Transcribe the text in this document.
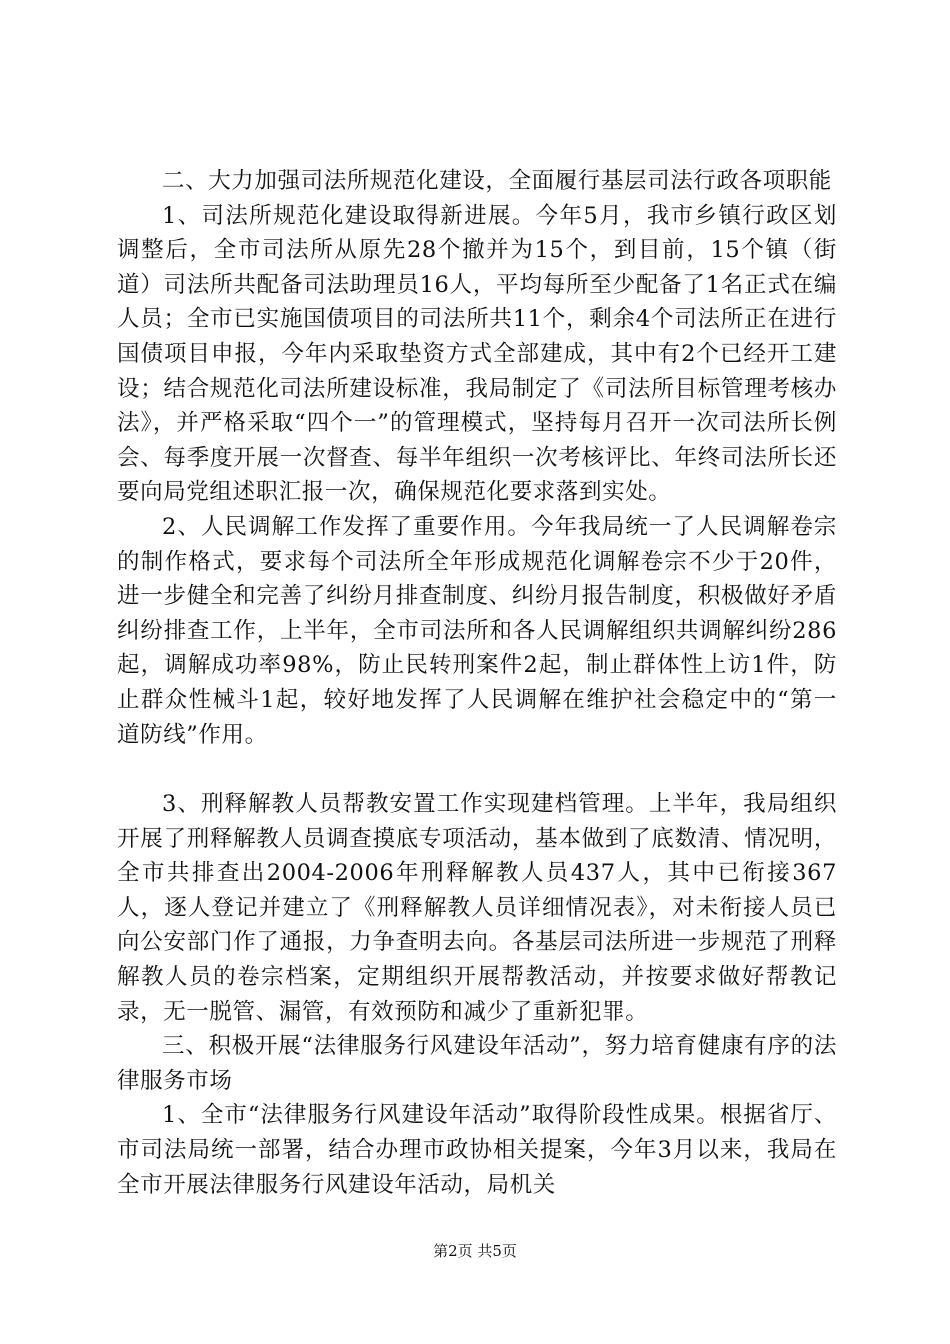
二、大力加强司法所规范化建设，全面履行基层司法行政各项职能

1、司法所规范化建设取得新进展。今年5月，我市乡镇行政区划调整后，全市司法所从原先28个撤并为15个，到目前，15个镇（街道）司法所共配备司法助理员16人，平均每所至少配备了1名正式在编人员；全市已实施国债项目的司法所共11个，剩余4个司法所正在进行国债项目申报，今年内采取垫资方式全部建成，其中有2个已经开工建设；结合规范化司法所建设标准，我局制定了《司法所目标管理考核办法》，并严格采取“四个一”的管理模式，坚持每月召开一次司法所长例会、每季度开展一次督查、每半年组织一次考核评比、年终司法所长还要向局党组述职汇报一次，确保规范化要求落到实处。

2、人民调解工作发挥了重要作用。今年我局统一了人民调解卷宗的制作格式，要求每个司法所全年形成规范化调解卷宗不少于20件，进一步健全和完善了纠纷月排查制度、纠纷月报告制度，积极做好矛盾纠纷排查工作，上半年，全市司法所和各人民调解组织共调解纠纷286起，调解成功率98%，防止民转刑案件2起，制止群体性上访1件，防止群众性械斗1起，较好地发挥了人民调解在维护社会稳定中的“第一道防线”作用。

3、刑释解教人员帮教安置工作实现建档管理。上半年，我局组织开展了刑释解教人员调查摸底专项活动，基本做到了底数清、情况明，全市共排查出2004-2006年刑释解教人员437人，其中已衔接367人，逐人登记并建立了《刑释解教人员详细情况表》，对未衔接人员已向公安部门作了通报，力争查明去向。各基层司法所进一步规范了刑释解教人员的卷宗档案，定期组织开展帮教活动，并按要求做好帮教记录，无一脱管、漏管，有效预防和减少了重新犯罪。

三、积极开展“法律服务行风建设年活动”，努力培育健康有序的法律服务市场

1、全市“法律服务行风建设年活动”取得阶段性成果。根据省厅、市司法局统一部署，结合办理市政协相关提案，今年3月以来，我局在全市开展法律服务行风建设年活动，局机关

第2页 共5页
